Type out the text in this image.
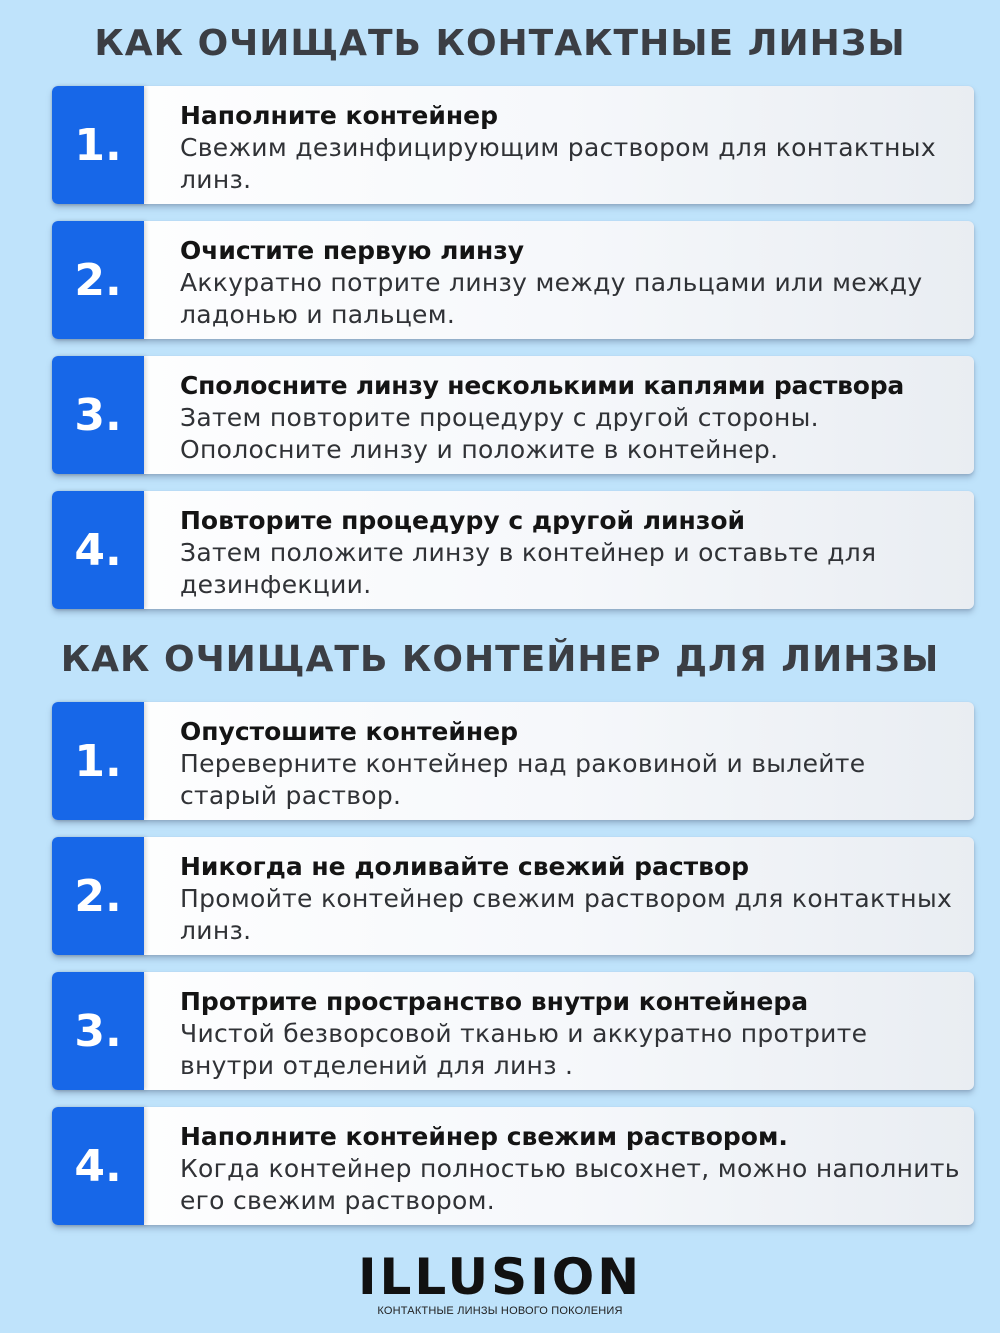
КАК ОЧИЩАТЬ КОНТАКТНЫЕ ЛИНЗЫ
1.
Наполните контейнер
Свежим дезинфицирующим раствором для контактных линз.
2.
Очистите первую линзу
Аккуратно потрите линзу между пальцами или между ладонью и пальцем.
3.
Сполосните линзу несколькими каплями раствора
Затем повторите процедуру с другой стороны. Ополосните линзу и положите в контейнер.
4.
Повторите процедуру с другой линзой
Затем положите линзу в контейнер и оставьте для дезинфекции.
КАК ОЧИЩАТЬ КОНТЕЙНЕР ДЛЯ ЛИНЗЫ
1.
Опустошите контейнер
Переверните контейнер над раковиной и вылейте старый раствор.
2.
Никогда не доливайте свежий раствор
Промойте контейнер свежим раствором для контактных линз.
3.
Протрите пространство внутри контейнера
Чистой безворсовой тканью и аккуратно протрите внутри отделений для линз .
4.
Наполните контейнер свежим раствором.
Когда контейнер полностью высохнет, можно наполнить его свежим раствором.
ILLUSION
КОНТАКТНЫЕ ЛИНЗЫ НОВОГО ПОКОЛЕНИЯ
